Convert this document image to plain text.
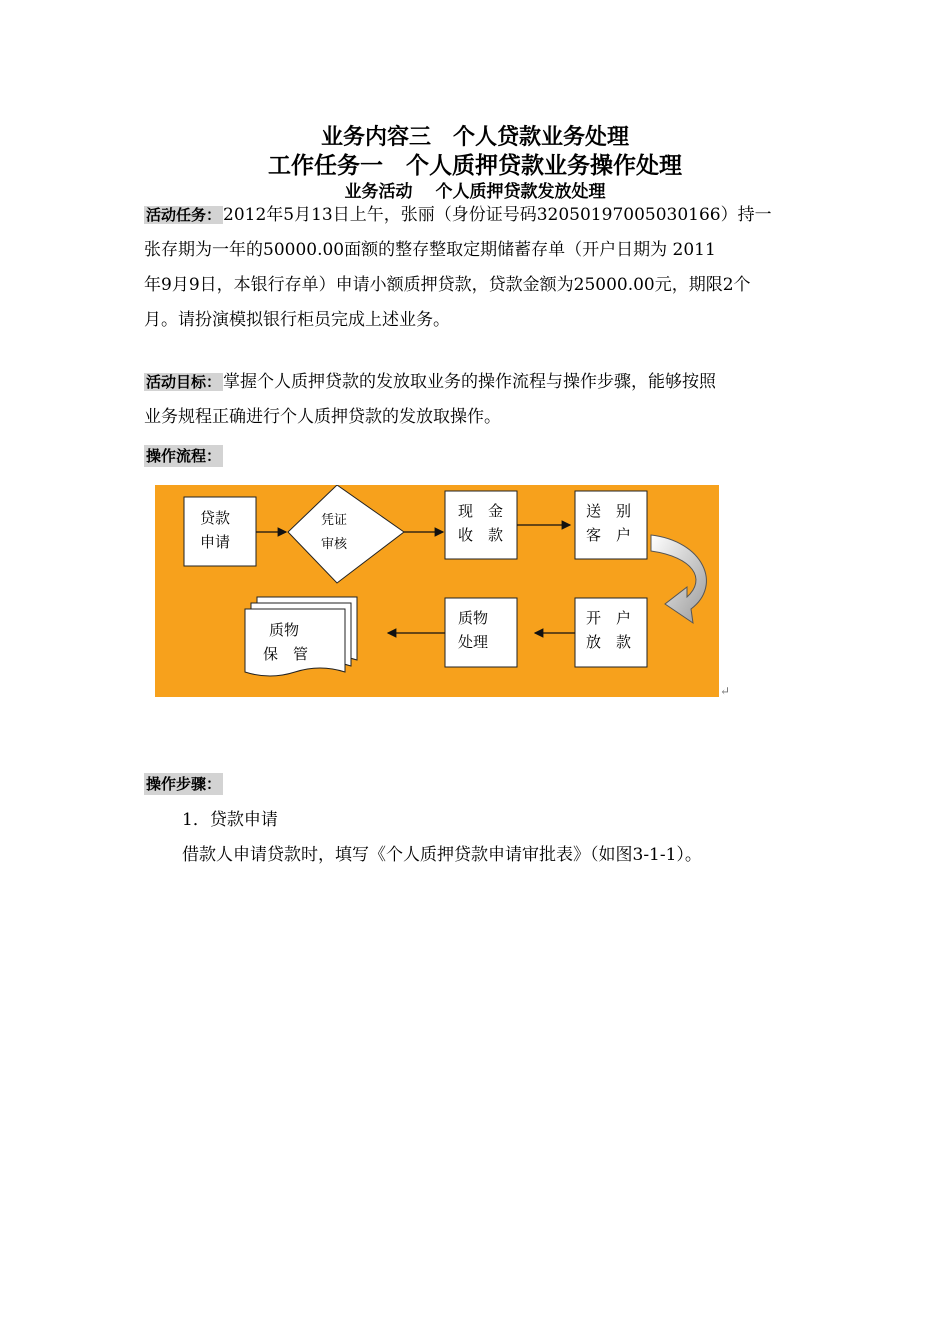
业务内容三　个人贷款业务处理
工作任务一　个人质押贷款业务操作处理
业务活动　 个人质押贷款发放处理
活动任务： 2012年5月13日上午，张丽（身份证号码32050197005030166）持一
张存期为一年的50000.00面额的整存整取定期储蓄存单（开户日期为 2011
年9月9日，本银行存单）申请小额质押贷款，贷款金额为25000.00元，期限2个
月。请扮演模拟银行柜员完成上述业务。
活动目标： 掌握个人质押贷款的发放取业务的操作流程与操作步骤，能够按照
业务规程正确进行个人质押贷款的发放取操作。
操作流程：
贷款
申请
凭证
审核
现　金
收　款
送　别
客　户
开　户
放　款
质物
处理
质物
保　管
↵
操作步骤：
1．贷款申请
借款人申请贷款时，填写《个人质押贷款申请审批表》（如图3-1-1）。
